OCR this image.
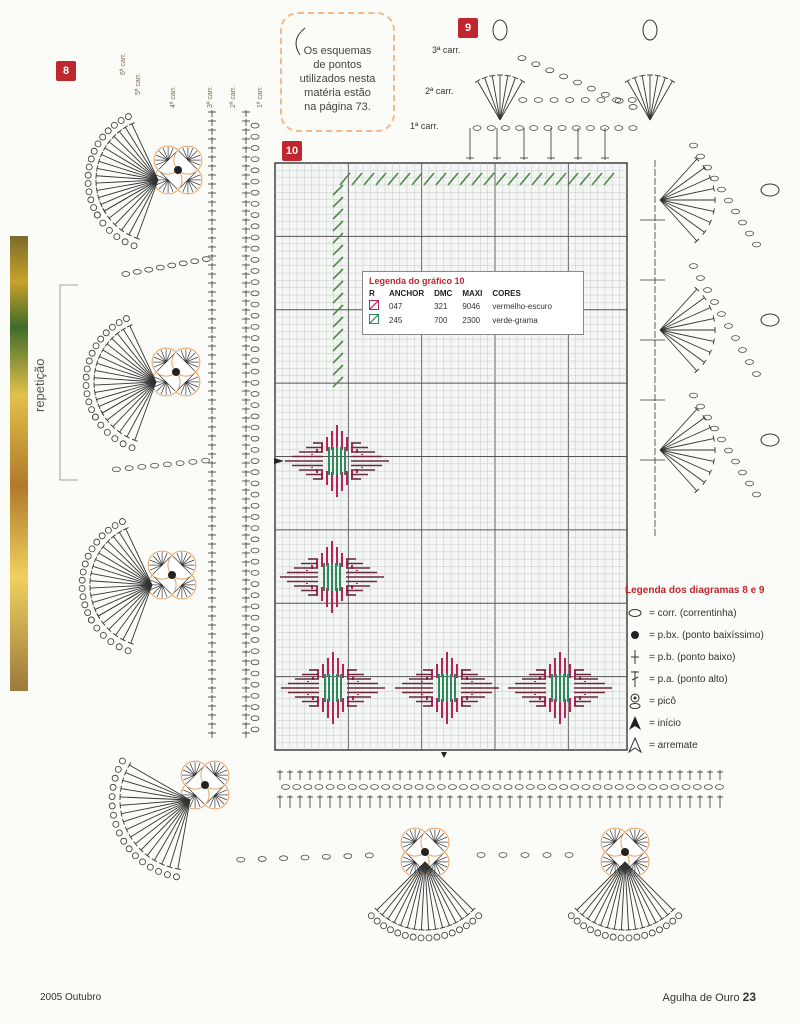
8
9
10
Os esquemas
de pontos
utilizados nesta
matéria estão
na página 73.
3ª carr.
2ª carr.
1ª carr.
6ª carr.
5ª carr.
4ª carr.	3ª carr. 2ª carr.	1ª carr.
repetição
Legenda do gráfico 10
R	ANCHOR	DMC	MAXI	CORES

	047	321	9046	vermelho-escuro

	245	700	2300	verde-grama
Legenda dos diagramas 8 e 9
= corr. (correntinha)
= p.bx. (ponto baixíssimo)
= p.b. (ponto baixo)
= p.a. (ponto alto)
= picô
= início
= arremate
2005 Outubro	Agulha de Ouro 23
